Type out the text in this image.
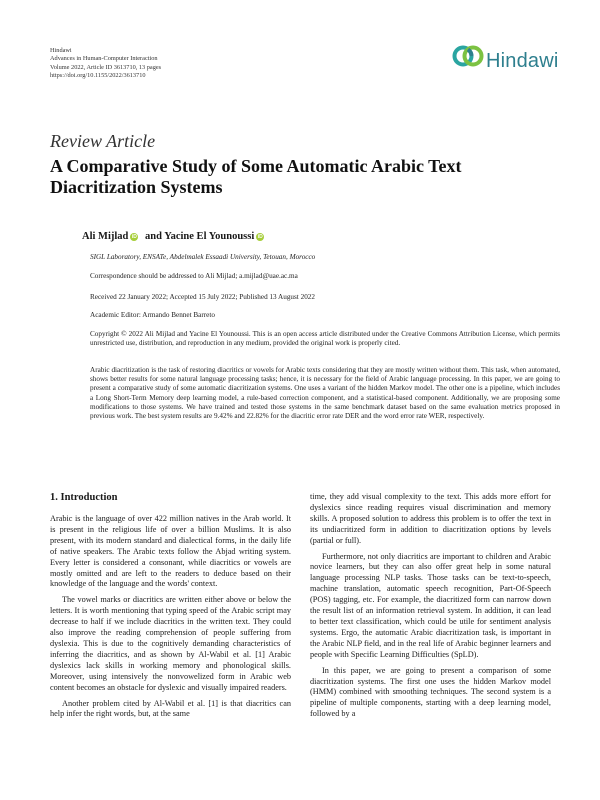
Hindawi
Advances in Human-Computer Interaction
Volume 2022, Article ID 3613710, 13 pages
https://doi.org/10.1155/2022/3613710
Hindawi
Review Article
A Comparative Study of Some Automatic Arabic Text Diacritization Systems
Ali Mijlad iD and Yacine El Younoussi iD
SIGL Laboratory, ENSATe, Abdelmalek Essaadi University, Tetouan, Morocco
Correspondence should be addressed to Ali Mijlad; a.mijlad@uae.ac.ma
Received 22 January 2022; Accepted 15 July 2022; Published 13 August 2022
Academic Editor: Armando Bennet Barreto
Copyright © 2022 Ali Mijlad and Yacine El Younoussi. This is an open access article distributed under the Creative Commons Attribution License, which permits unrestricted use, distribution, and reproduction in any medium, provided the original work is properly cited.
Arabic diacritization is the task of restoring diacritics or vowels for Arabic texts considering that they are mostly written without them. This task, when automated, shows better results for some natural language processing tasks; hence, it is necessary for the field of Arabic language processing. In this paper, we are going to present a comparative study of some automatic diacritization systems. One uses a variant of the hidden Markov model. The other one is a pipeline, which includes a Long Short-Term Memory deep learning model, a rule-based correction component, and a statistical-based component. Additionally, we are proposing some modifications to those systems. We have trained and tested those systems in the same benchmark dataset based on the same evaluation metrics proposed in previous work. The best system results are 9.42% and 22.82% for the diacritic error rate DER and the word error rate WER, respectively.
1. Introduction

Arabic is the language of over 422 million natives in the Arab world. It is present in the religious life of over a billion Muslims. It is also present, with its modern standard and dialectical forms, in the daily life of native speakers. The Arabic texts follow the Abjad writing system. Every letter is considered a consonant, while diacritics or vowels are mostly omitted and are left to the readers to deduce based on their knowledge of the language and the words' context.

The vowel marks or diacritics are written either above or below the letters. It is worth mentioning that typing speed of the Arabic script may decrease to half if we include diacritics in the written text. They could also improve the reading comprehension of people suffering from dyslexia. This is due to the cognitively demanding characteristics of inferring the diacritics, and as shown by Al-Wabil et al. [1] Arabic dyslexics lack skills in working memory and phonological skills. Moreover, using intensively the nonvowelized form in Arabic web content becomes an obstacle for dyslexic and visually impaired readers.

Another problem cited by Al-Wabil et al. [1] is that diacritics can help infer the right words, but, at the same

time, they add visual complexity to the text. This adds more effort for dyslexics since reading requires visual discrimination and memory skills. A proposed solution to address this problem is to offer the text in its undiacritized form in addition to diacritization options by levels (partial or full).

Furthermore, not only diacritics are important to children and Arabic novice learners, but they can also offer great help in some natural language processing NLP tasks. Those tasks can be text-to-speech, machine translation, automatic speech recognition, Part-Of-Speech (POS) tagging, etc. For example, the diacritized form can narrow down the result list of an information retrieval system. In addition, it can lead to better text classification, which could be utile for sentiment analysis systems. Ergo, the automatic Arabic diacritization task, is important in the Arabic NLP field, and in the real life of Arabic beginner learners and people with Specific Learning Difficulties (SpLD).

In this paper, we are going to present a comparison of some diacritization systems. The first one uses the hidden Markov model (HMM) combined with smoothing techniques. The second system is a pipeline of multiple components, starting with a deep learning model, followed by a
